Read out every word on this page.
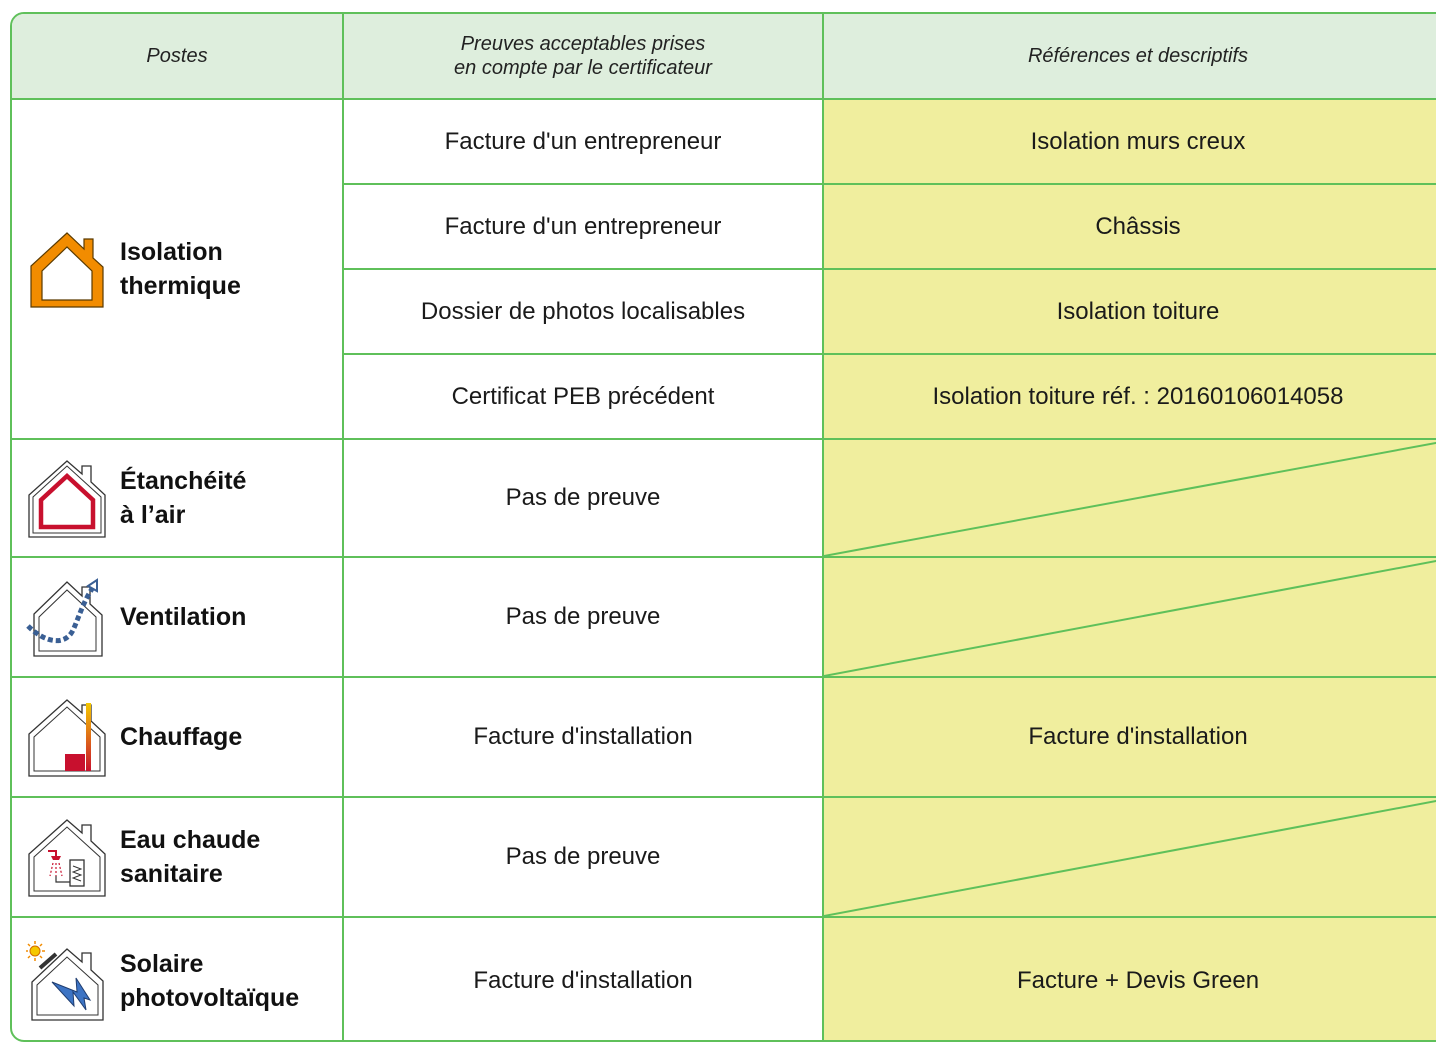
Postes
Preuves acceptables prises
en compte par le certificateur
Références et descriptifs
Isolation
thermique
Étanchéité
à l’air
Ventilation
Chauffage
Eau chaude
sanitaire
Solaire
photovoltaïque
Facture d'un entrepreneur
Facture d'un entrepreneur
Dossier de photos localisables
Certificat PEB précédent
Pas de preuve
Pas de preuve
Facture d'installation
Pas de preuve
Facture d'installation
Isolation murs creux
Châssis
Isolation toiture
Isolation toiture réf. : 20160106014058
Facture d'installation
Facture + Devis Green
